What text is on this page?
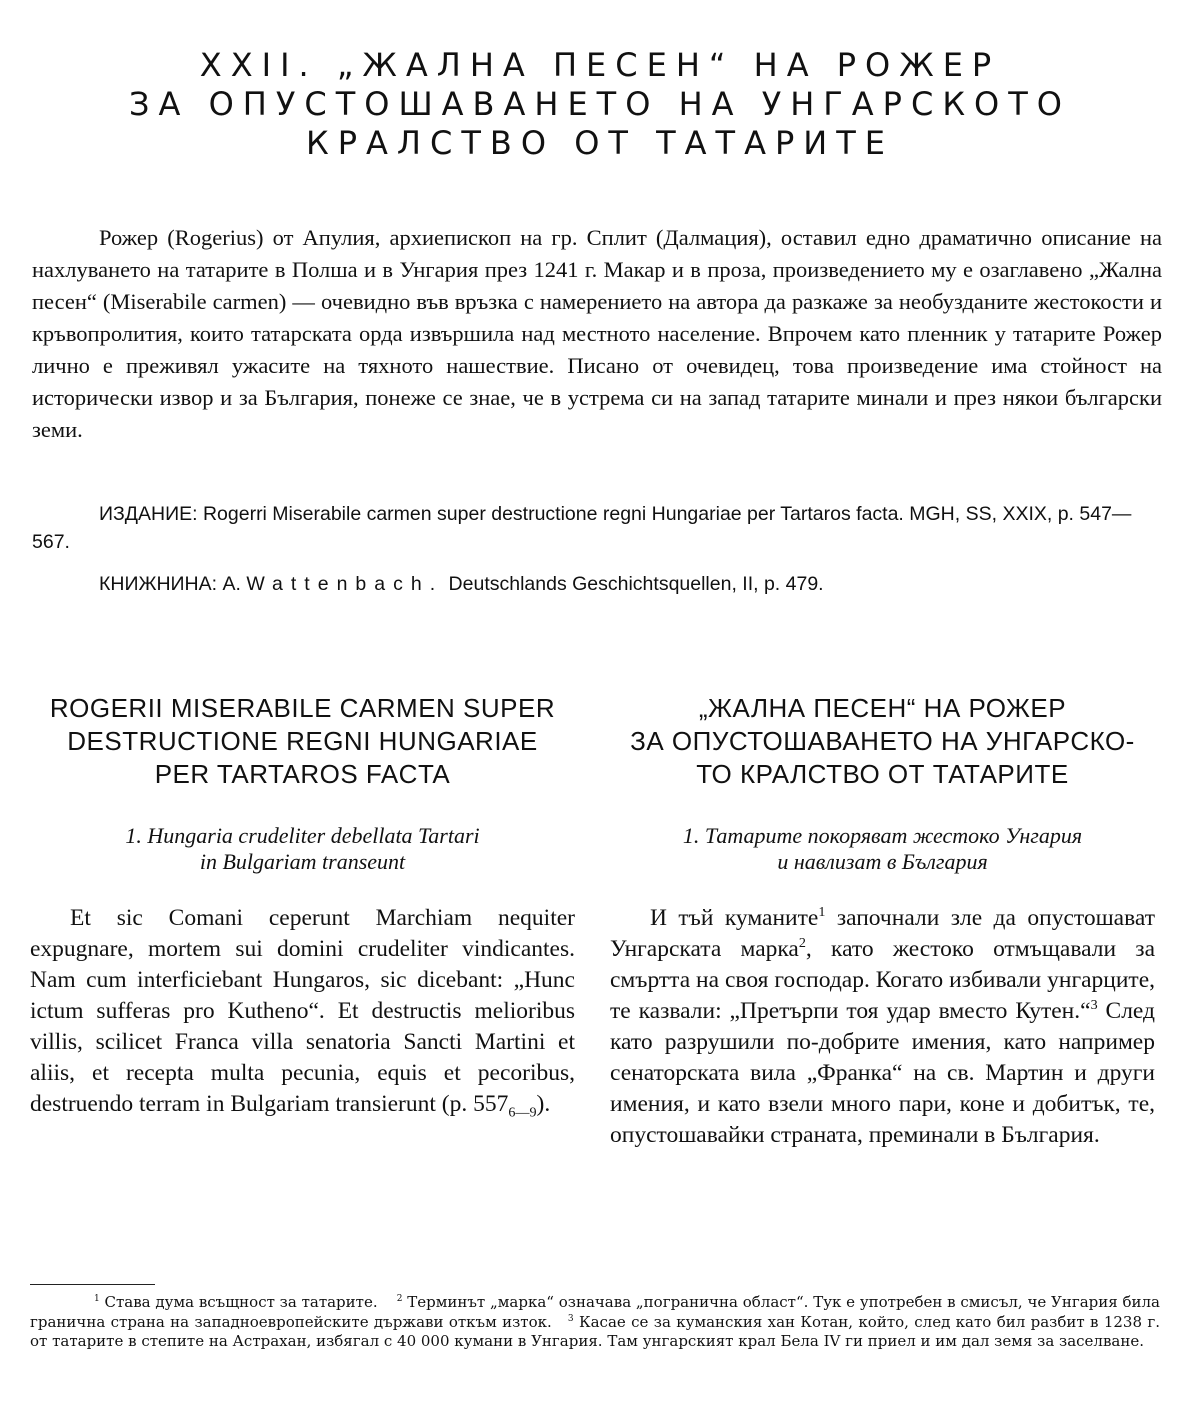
XXII. „ЖАЛНА ПЕСЕН“ НА РОЖЕР
ЗА ОПУСТОШАВАНЕТО НА УНГАРСКОТО
КРАЛСТВО ОТ ТАТАРИТЕ

Рожер (Rogerius) от Апулия, архиепископ на гр. Сплит (Далмация), оставил едно драматично описание на нахлуването на татарите в Полша и в Унгария през 1241 г. Макар и в проза, произведението му е озаглавено „Жална песен“ (Miserabile carmen) — очевидно във връзка с намерението на автора да разкаже за необузданите жестокости и кръвопролития, които татарската орда извършила над местното население. Впрочем като пленник у татарите Рожер лично е преживял ужасите на тяхното нашествие. Писано от очевидец, това произведение има стойност на исторически извор и за България, понеже се знае, че в устрема си на запад татарите минали и през някои български земи.

ИЗДАНИЕ: Rogerri Miserabile carmen super destructione regni Hungariae per Tartaros facta. MGH, SS, XXIX, p. 547—567.

КНИЖНИНА: A. Wattenbach. Deutschlands Geschichtsquellen, II, p. 479.

ROGERII MISERABILE CARMEN SUPER
DESTRUCTIONE REGNI HUNGARIAE
PER TARTAROS FACTA
1. Hungaria crudeliter debellata Tartari
in Bulgariam transeunt

Et sic Comani ceperunt Marchiam nequiter expugnare, mortem sui domini crudeliter vindicantes. Nam cum interficiebant Hungaros, sic dicebant: „Hunc ictum sufferas pro Kutheno“. Et destructis melioribus villis, scilicet Franca villa senatoria Sancti Martini et aliis, et recepta multa pecunia, equis et pecoribus, destruendo terram in Bulgariam transierunt (p. $557_{6—9}$).

„ЖАЛНА ПЕСЕН“ НА РОЖЕР
ЗА ОПУСТОШАВАНЕТО НА УНГАРСКО-
ТО КРАЛСТВО ОТ ТАТАРИТЕ
1. Татарите покоряват жестоко Унгария
и навлизат в България

И тъй куманите$^1$ започнали зле да опустошават Унгарската марка$^2$, като жестоко отмъщавали за смъртта на своя господар. Когато избивали унгарците, те казвали: „Претърпи тоя удар вместо Кутен.“$^3$ След като разрушили по-добрите имения, като например сенаторската вила „Франка“ на св. Мартин и други имения, и като взели много пари, коне и добитък, те, опустошавайки страната, преминали в България.

$^1$ Става дума всъщност за татарите. $^2$ Терминът „марка“ означава „погранична област“. Тук е употребен в смисъл, че Унгария била гранична страна на западноевропейските държави откъм изток. $^3$ Касае се за куманския хан Котан, който, след като бил разбит в 1238 г. от татарите в степите на Астрахан, избягал с 40 000 кумани в Унгария. Там унгарският крал Бела IV ги приел и им дал земя за заселване.
